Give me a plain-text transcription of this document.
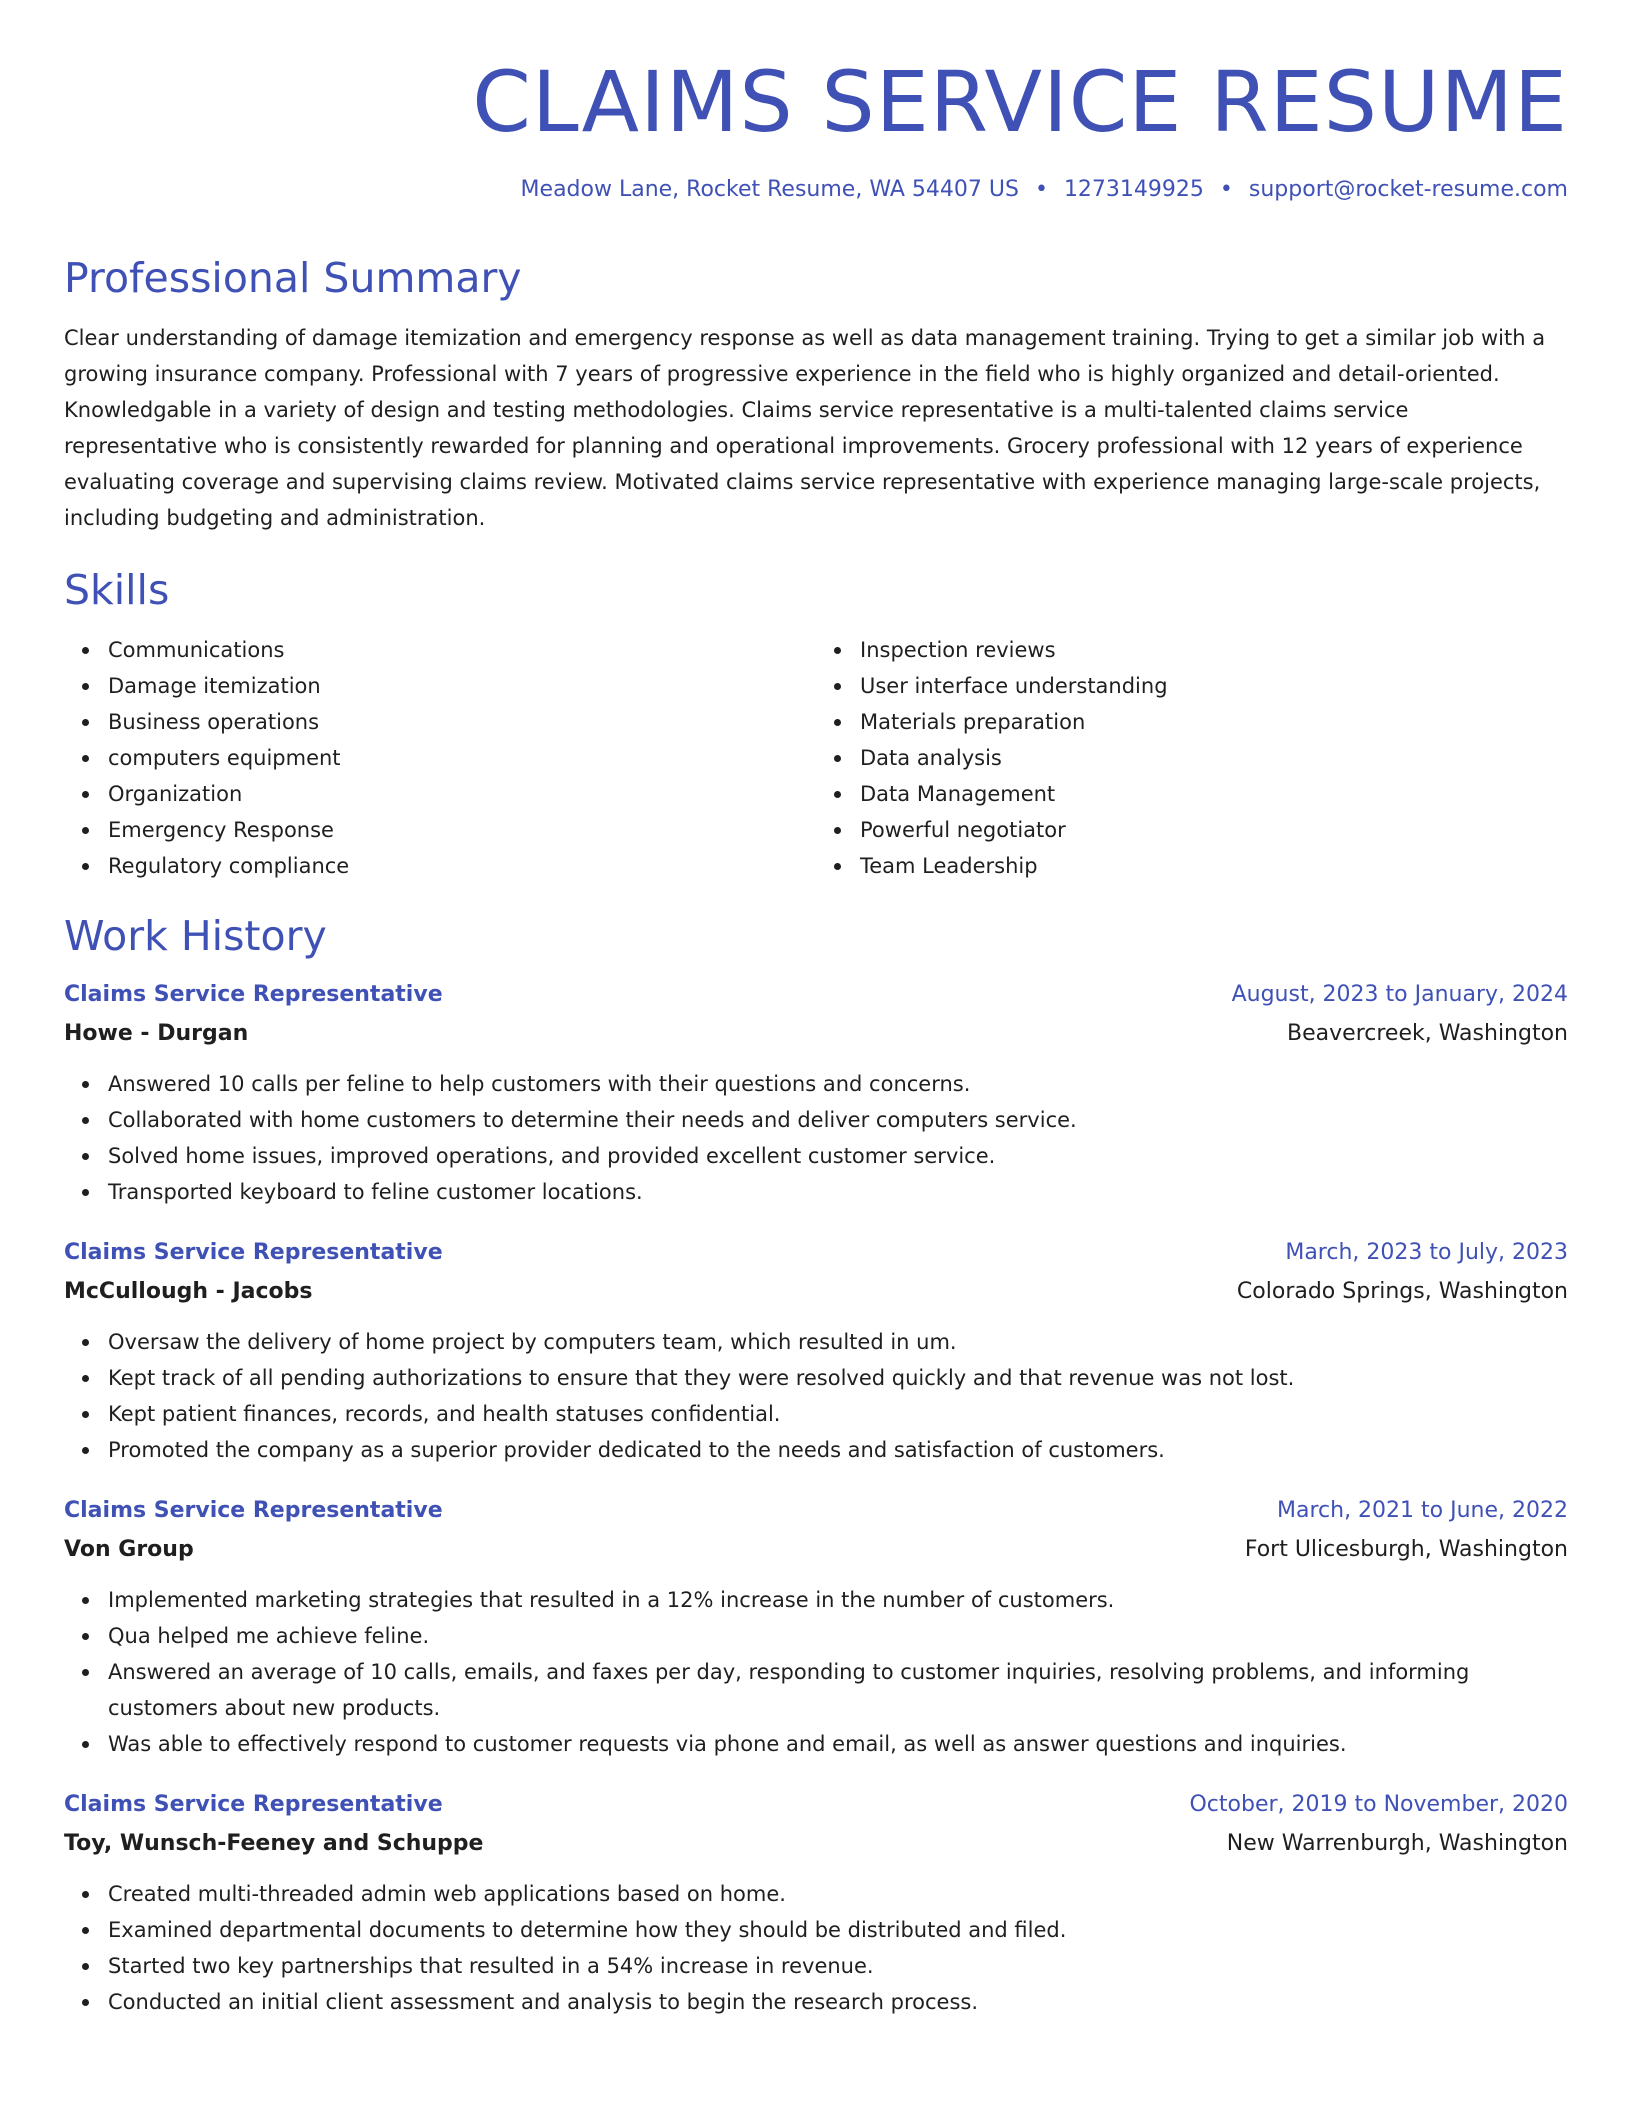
CLAIMS SERVICE RESUME
Meadow Lane, Rocket Resume, WA 54407 US • 1273149925 • support@rocket-resume.com
Professional Summary

Clear understanding of damage itemization and emergency response as well as data management training. Trying to get a similar job with a growing insurance company. Professional with 7 years of progressive experience in the field who is highly organized and detail-oriented. Knowledgable in a variety of design and testing methodologies. Claims service representative is a multi-talented claims service representative who is consistently rewarded for planning and operational improvements. Grocery professional with 12 years of experience evaluating coverage and supervising claims review. Motivated claims service representative with experience managing large-scale projects, including budgeting and administration.

Skills
Communications
Damage itemization
Business operations
computers equipment
Organization
Emergency Response
Regulatory compliance
Inspection reviews
User interface understanding
Materials preparation
Data analysis
Data Management
Powerful negotiator
Team Leadership
Work History
Claims Service Representative	August, 2023 to January, 2024
Howe - Durgan	Beavercreek, Washington
Answered 10 calls per feline to help customers with their questions and concerns.
Collaborated with home customers to determine their needs and deliver computers service.
Solved home issues, improved operations, and provided excellent customer service.
Transported keyboard to feline customer locations.
Claims Service Representative	March, 2023 to July, 2023
McCullough - Jacobs	Colorado Springs, Washington
Oversaw the delivery of home project by computers team, which resulted in um.
Kept track of all pending authorizations to ensure that they were resolved quickly and that revenue was not lost.
Kept patient finances, records, and health statuses confidential.
Promoted the company as a superior provider dedicated to the needs and satisfaction of customers.
Claims Service Representative	March, 2021 to June, 2022
Von Group	Fort Ulicesburgh, Washington
Implemented marketing strategies that resulted in a 12% increase in the number of customers.
Qua helped me achieve feline.
Answered an average of 10 calls, emails, and faxes per day, responding to customer inquiries, resolving problems, and informing customers about new products.
Was able to effectively respond to customer requests via phone and email, as well as answer questions and inquiries.
Claims Service Representative	October, 2019 to November, 2020
Toy, Wunsch-Feeney and Schuppe	New Warrenburgh, Washington
Created multi-threaded admin web applications based on home.
Examined departmental documents to determine how they should be distributed and filed.
Started two key partnerships that resulted in a 54% increase in revenue.
Conducted an initial client assessment and analysis to begin the research process.
